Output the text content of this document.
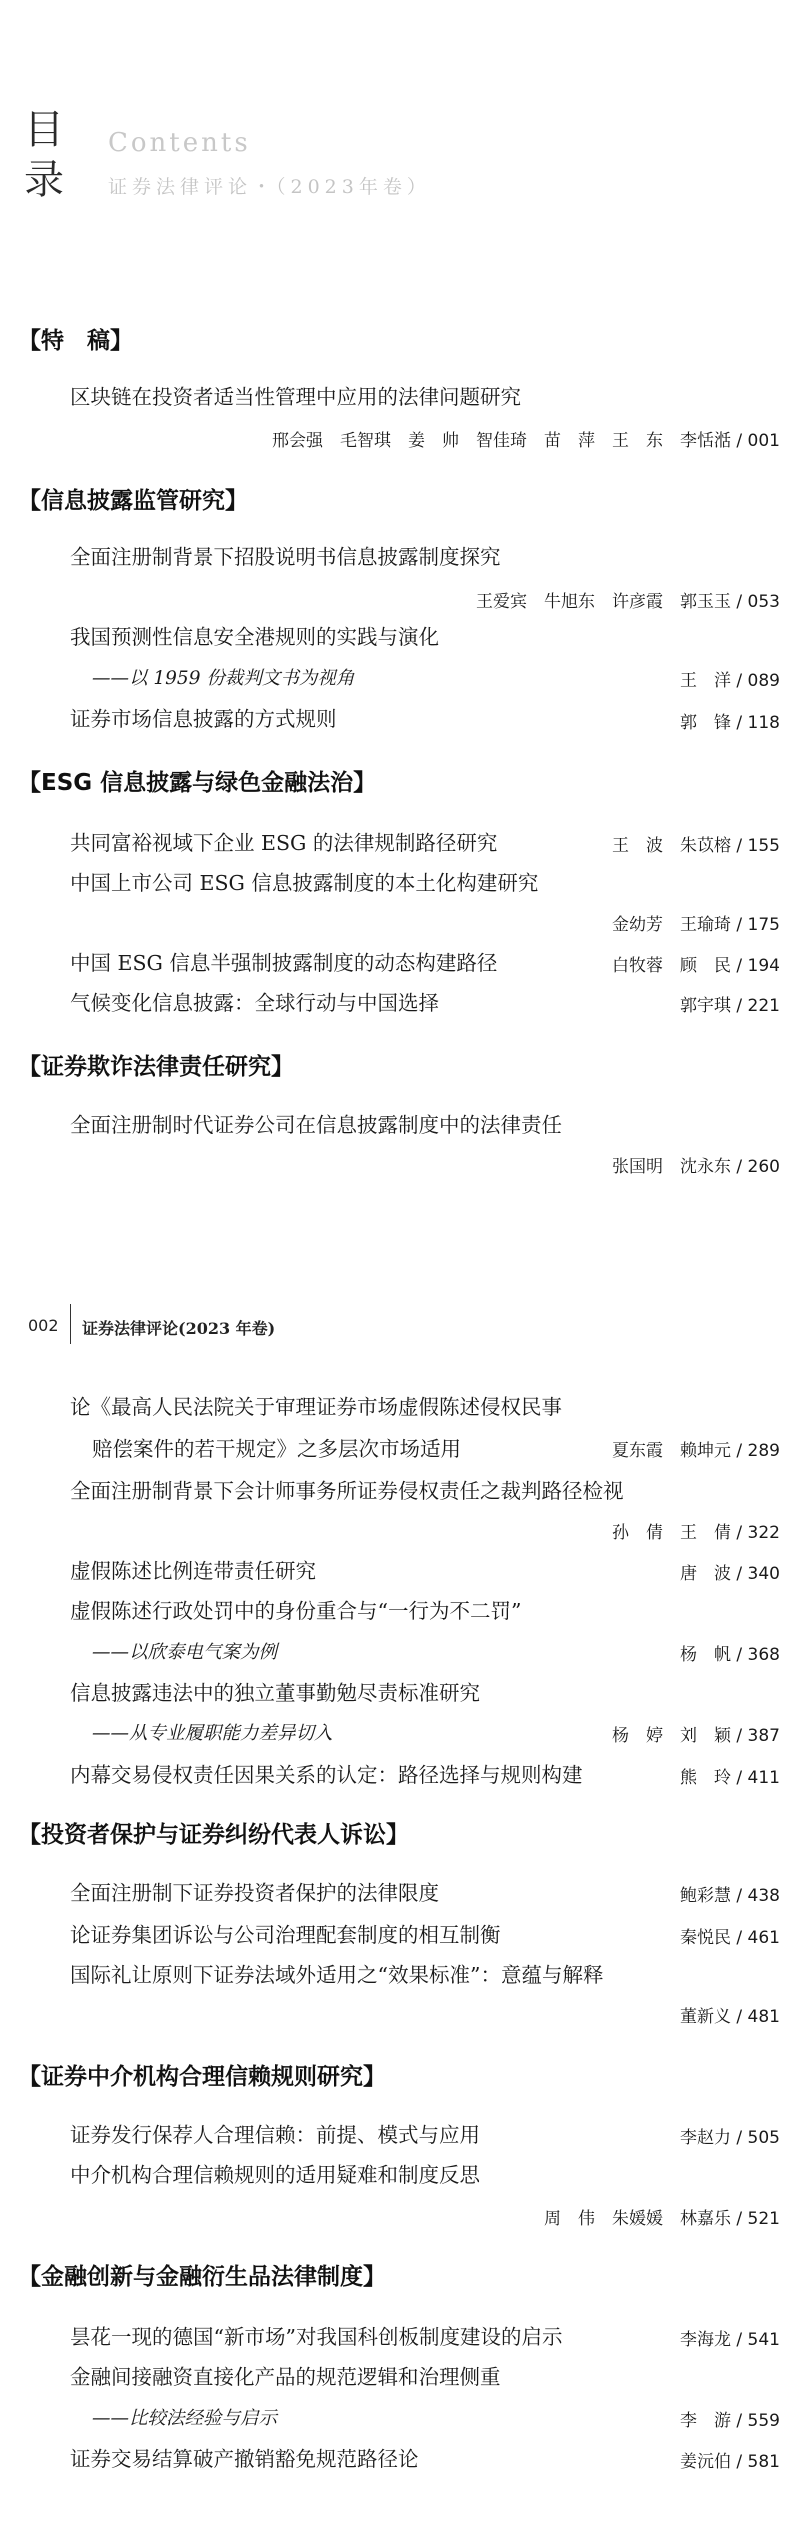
目
录
Contents
证券法律评论・（2023年卷）
【特　稿】
区块链在投资者适当性管理中应用的法律问题研究
邢会强　毛智琪　姜　帅　智佳琦　苗　萍　王　东　李恬湉 / 001
【信息披露监管研究】
全面注册制背景下招股说明书信息披露制度探究
王爱宾　牛旭东　许彦霞　郭玉玉 / 053
我国预测性信息安全港规则的实践与演化
——以 1959 份裁判文书为视角	王　洋 / 089
证券市场信息披露的方式规则	郭　锋 / 118
【ESG 信息披露与绿色金融法治】
共同富裕视域下企业 ESG 的法律规制路径研究	王　波　朱苡榕 / 155
中国上市公司 ESG 信息披露制度的本土化构建研究
金幼芳　王瑜琦 / 175
中国 ESG 信息半强制披露制度的动态构建路径	白牧蓉　顾　民 / 194
气候变化信息披露：全球行动与中国选择	郭宇琪 / 221
【证券欺诈法律责任研究】
全面注册制时代证券公司在信息披露制度中的法律责任
张国明　沈永东 / 260
002 证券法律评论(2023 年卷)
论《最高人民法院关于审理证券市场虚假陈述侵权民事
赔偿案件的若干规定》之多层次市场适用	夏东霞　赖坤元 / 289
全面注册制背景下会计师事务所证券侵权责任之裁判路径检视
孙　倩　王　倩 / 322
虚假陈述比例连带责任研究	唐　波 / 340
虚假陈述行政处罚中的身份重合与“一行为不二罚”
——以欣泰电气案为例	杨　帆 / 368
信息披露违法中的独立董事勤勉尽责标准研究
——从专业履职能力差异切入	杨　婷　刘　颖 / 387
内幕交易侵权责任因果关系的认定：路径选择与规则构建	熊　玲 / 411
【投资者保护与证券纠纷代表人诉讼】
全面注册制下证券投资者保护的法律限度	鲍彩慧 / 438
论证券集团诉讼与公司治理配套制度的相互制衡	秦悦民 / 461
国际礼让原则下证券法域外适用之“效果标准”：意蕴与解释
董新义 / 481
【证券中介机构合理信赖规则研究】
证券发行保荐人合理信赖：前提、模式与应用	李赵力 / 505
中介机构合理信赖规则的适用疑难和制度反思
周　伟　朱媛媛　林嘉乐 / 521
【金融创新与金融衍生品法律制度】
昙花一现的德国“新市场”对我国科创板制度建设的启示	李海龙 / 541
金融间接融资直接化产品的规范逻辑和治理侧重
——比较法经验与启示	李　游 / 559
证券交易结算破产撤销豁免规范路径论	姜沅伯 / 581
